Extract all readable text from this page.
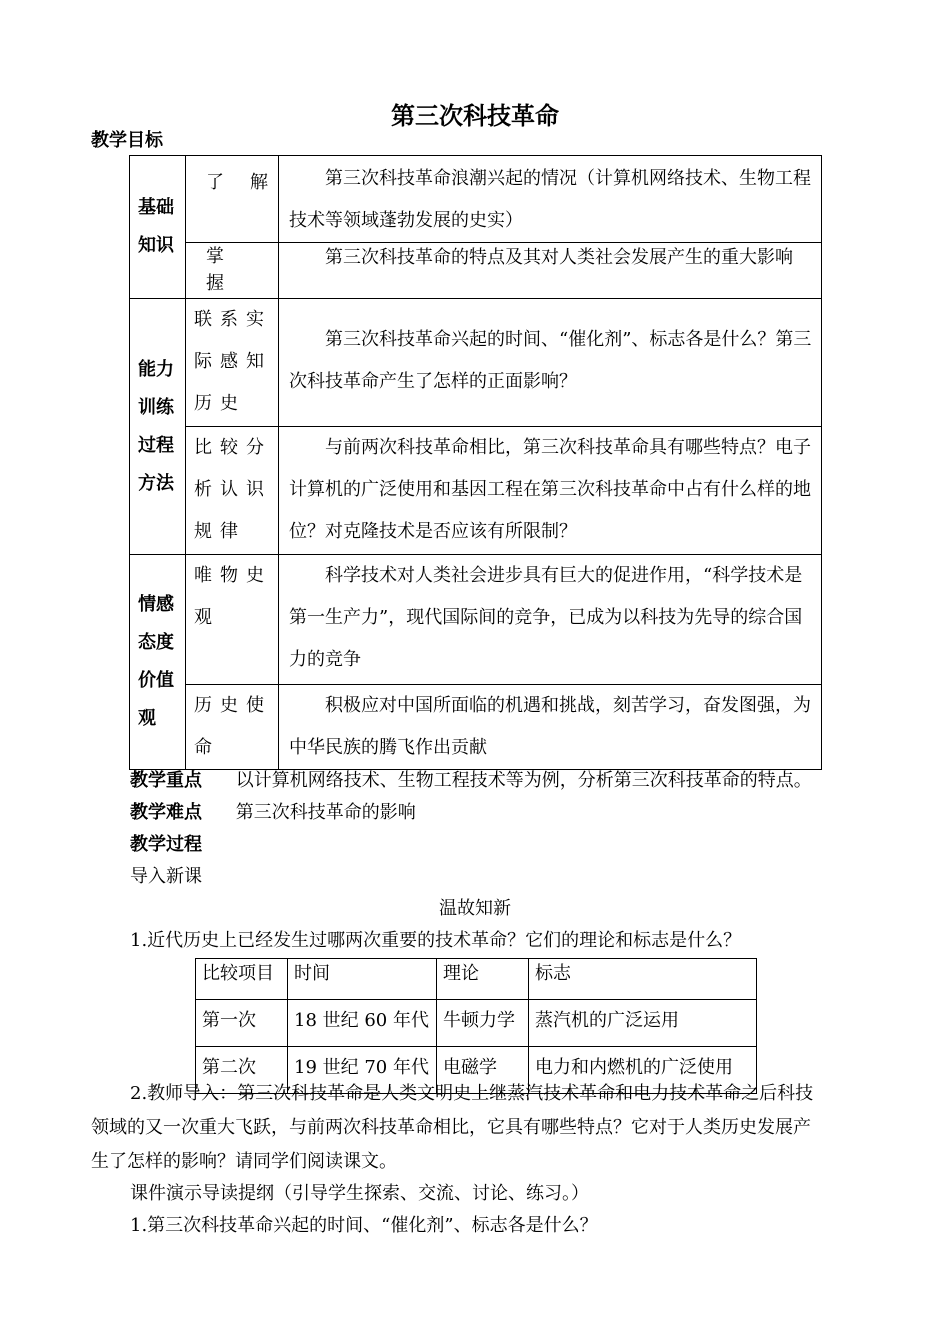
第三次科技革命
教学目标
基础知识	了　解	第三次科技革命浪潮兴起的情况（计算机网络技术、生物工程技术等领域蓬勃发展的史实）
	掌　握	第三次科技革命的特点及其对人类社会发展产生的重大影响
能力训练过程方法	联系实际感知历史	第三次科技革命兴起的时间、“催化剂”、标志各是什么？第三次科技革命产生了怎样的正面影响？
	比较分析认识规律	与前两次科技革命相比，第三次科技革命具有哪些特点？电子计算机的广泛使用和基因工程在第三次科技革命中占有什么样的地位？对克隆技术是否应该有所限制？
情感态度价值观	唯物史观	科学技术对人类社会进步具有巨大的促进作用，“科学技术是第一生产力”，现代国际间的竞争，已成为以科技为先导的综合国力的竞争
	历史使命	积极应对中国所面临的机遇和挑战，刻苦学习，奋发图强，为中华民族的腾飞作出贡献
教学重点 以计算机网络技术、生物工程技术等为例，分析第三次科技革命的特点。
教学难点 第三次科技革命的影响
教学过程
导入新课
温故知新
1.近代历史上已经发生过哪两次重要的技术革命？它们的理论和标志是什么？
比较项目	时间	理论	标志
第一次	18 世纪 60 年代	牛顿力学	蒸汽机的广泛运用
第二次	19 世纪 70 年代	电磁学	电力和内燃机的广泛使用

2.教师导入：第三次科技革命是人类文明史上继蒸汽技术革命和电力技术革命之后科技

领域的又一次重大飞跃，与前两次科技革命相比，它具有哪些特点？它对于人类历史发展产

生了怎样的影响？请同学们阅读课文。

课件演示导读提纲（引导学生探索、交流、讨论、练习。）

1.第三次科技革命兴起的时间、“催化剂”、标志各是什么？
